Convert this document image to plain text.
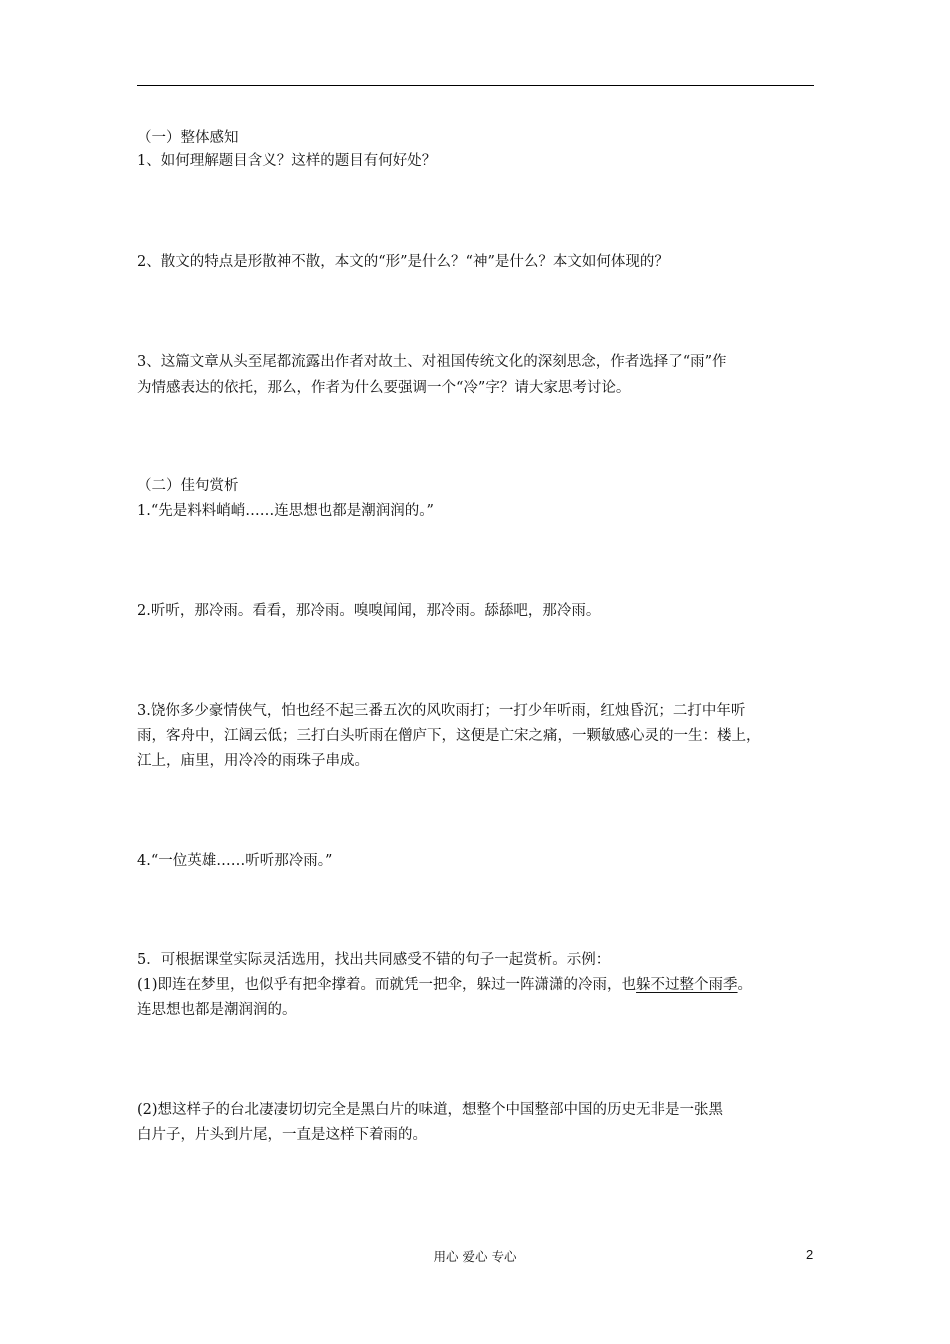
（一）整体感知
1、如何理解题目含义？这样的题目有何好处？
2、散文的特点是形散神不散，本文的“形”是什么？“神”是什么？本文如何体现的？
3、这篇文章从头至尾都流露出作者对故土、对祖国传统文化的深刻思念，作者选择了“雨”作
为情感表达的依托，那么，作者为什么要强调一个“冷”字？请大家思考讨论。
（二）佳句赏析
1.“先是料料峭峭……连思想也都是潮润润的。”
2.听听，那冷雨。看看，那冷雨。嗅嗅闻闻，那冷雨。舔舔吧，那冷雨。
3.饶你多少豪情侠气，怕也经不起三番五次的风吹雨打；一打少年听雨，红烛昏沉；二打中年听
雨，客舟中，江阔云低；三打白头听雨在僧庐下，这便是亡宋之痛，一颗敏感心灵的一生：楼上，
江上，庙里，用冷冷的雨珠子串成。
4.“一位英雄……听听那冷雨。”
5．可根据课堂实际灵活选用，找出共同感受不错的句子一起赏析。示例：
(1)即连在梦里，也似乎有把伞撑着。而就凭一把伞，躲过一阵潇潇的冷雨，也躲不过整个雨季。
连思想也都是潮润润的。
(2)想这样子的台北凄凄切切完全是黑白片的味道，想整个中国整部中国的历史无非是一张黑
白片子，片头到片尾，一直是这样下着雨的。
用心 爱心 专心	2
